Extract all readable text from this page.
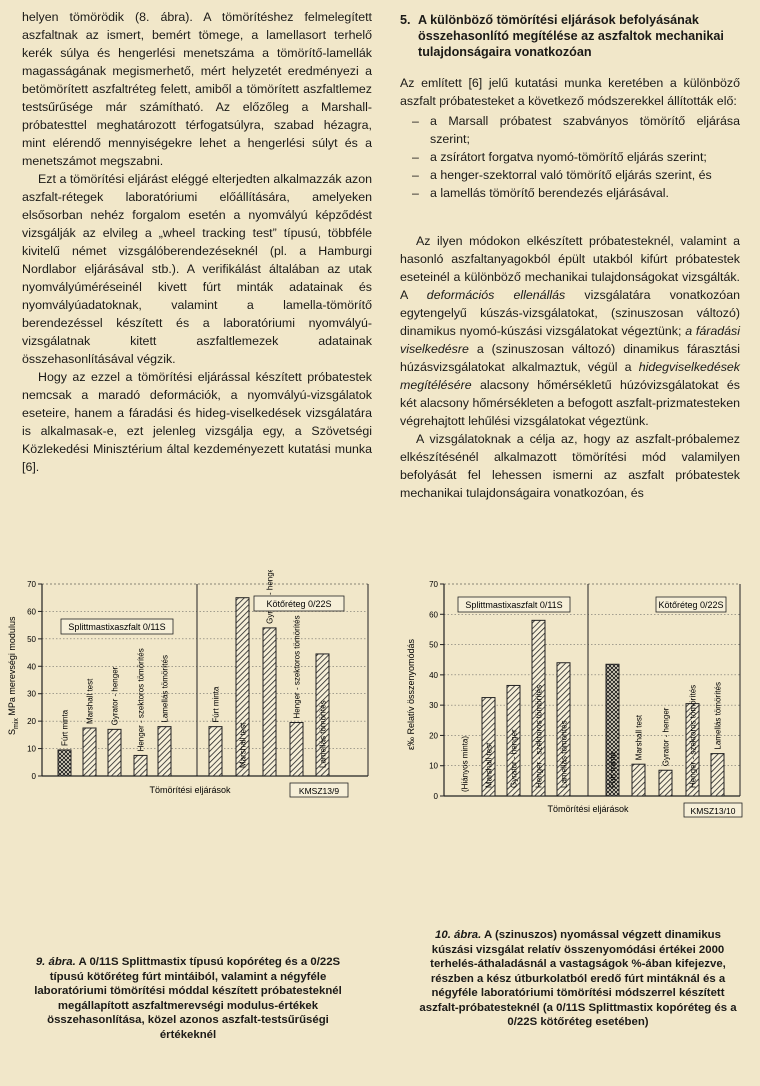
helyen tömörödik (8. ábra). A tömörítéshez felmelegített aszfaltnak az ismert, bemért tömege, a lamellasort terhelő kerék súlya és hengerlési menetszáma a tömörítő-lamellák magasságának megismerhető, mért helyzetét eredményezi a betömörített aszfaltréteg felett, amiből a tömörített aszfaltlemez testsűrűsége már számítható. Az előzőleg a Marshall-próbatesttel meghatározott térfogatsúlyra, szabad hézagra, mint elérendő mennyiségekre lehet a hengerlési súlyt és a menetszámot megszabni.

Ezt a tömörítési eljárást eléggé elterjedten alkalmazzák azon aszfalt-rétegek laboratóriumi előállítására, amelyeken elsősorban nehéz forgalom esetén a nyomvályú képződést vizsgálják az elvileg a „wheel tracking test” típusú, többféle kivitelű német vizsgálóberendezéseknél (pl. a Hamburgi Nordlabor eljárásával stb.). A verifikálást általában az utak nyomvályúméréseinél kivett fúrt minták adatainak és nyomvályúadatoknak, valamint a lamella-tömörítő berendezéssel készített és a laboratóriumi nyomvályú-vizsgálatnak kitett aszfaltlemezek adatainak összehasonlításával végzik.

Hogy az ezzel a tömörítési eljárással készített próbatestek nemcsak a maradó deformációk, a nyomvályú-vizsgálatok eseteire, hanem a fáradási és hideg-viselkedések vizsgálatára is alkalmasak-e, ezt jelenleg vizsgálja egy, a Szövetségi Közlekedési Minisztérium által kezdeményezett kutatási munka [6].

5. A különböző tömörítési eljárások befolyásának összehasonlító megítélése az aszfaltok mechanikai tulajdonságaira vonatkozóan

Az említett [6] jelű kutatási munka keretében a különböző aszfalt próbatesteket a következő módszerekkel állították elő:

– a Marsall próbatest szabványos tömörítő eljárása szerint;
– a zsírátort forgatva nyomó-tömörítő eljárás szerint;
– a henger-szektorral való tömörítő eljárás szerint, és
– a lamellás tömörítő berendezés eljárásával.

Az ilyen módokon elkészített próbatesteknél, valamint a hasonló aszfaltanyagokból épült utakból kifúrt próbatestek eseteinél a különböző mechanikai tulajdonságokat vizsgálták. A deformációs ellenállás vizsgálatára vonatkozóan egytengelyű kúszás-vizsgálatokat, (szinuszosan változó) dinamikus nyomó-kúszási vizsgálatokat végeztünk; a fáradási viselkedésre a (szinuszosan változó) dinamikus fárasztási húzásvizsgálatokat alkalmaztuk, végül a hidegviselkedések megítélésére alacsony hőmérsékletű húzóvizsgálatokat és két alacsony hőmérsékleten a befogott aszfalt-prizmatesteken végrehajtott lehűlési vizsgálatokat végeztünk.

A vizsgálatoknak a célja az, hogy az aszfalt-próbalemez elkészítésénél alkalmazott tömörítési mód valamilyen befolyását fel lehessen ismerni az aszfalt próbatestek mechanikai tulajdonságaira vonatkozóan, és

0
10
20
30
40
50
60
70
Fúrt minta
Marshall test Gyrator - henger Henger - szektoros tömörítés Lamellás tömörítés	Fúrt minta
Marshall test
Henger - szektoros tömörítés
Lamellás tömörítés
Splittmastixaszfalt 0/11S
Kötőréteg 0/22S
$S_{mix}$ MPa merevségi modulus
Tömörítési eljárások	KMSZ13/9
0
10
20
30
40
50
60
70
(Hiányos minta) Marshall test Gyrator - henger Henger - szektoros tömörítés Lamellás tömörítés	Fúrt minta
Marshall test Gyrator - henger Henger - szektoros tömörítés Lamellás tömörítés
Splittmastixaszfalt 0/11S	Kötőréteg 0/22S
ε‰ Relatív összenyomódás
Tömörítési eljárások	KMSZ13/10
9. ábra. A 0/11S Splittmastix típusú kopóréteg és a 0/22S típusú kötőréteg fúrt mintáiból, valamint a négyféle laboratóriumi tömörítési móddal készített próbatesteknél megállapított aszfaltmerevségi modulus-értékek összehasonlítása, közel azonos aszfalt-testsűrűségi értékeknél
10. ábra. A (szinuszos) nyomással végzett dinamikus kúszási vizsgálat relatív összenyomódási értékei 2000 terhelés-áthaladásnál a vastagságok %-ában kifejezve, részben a kész útburkolatból eredő fúrt mintáknál és a négyféle laboratóriumi tömörítési módszerrel készített aszfalt-próbatesteknél (a 0/11S Splittmastix kopóréteg és a 0/22S kötőréteg esetében)
